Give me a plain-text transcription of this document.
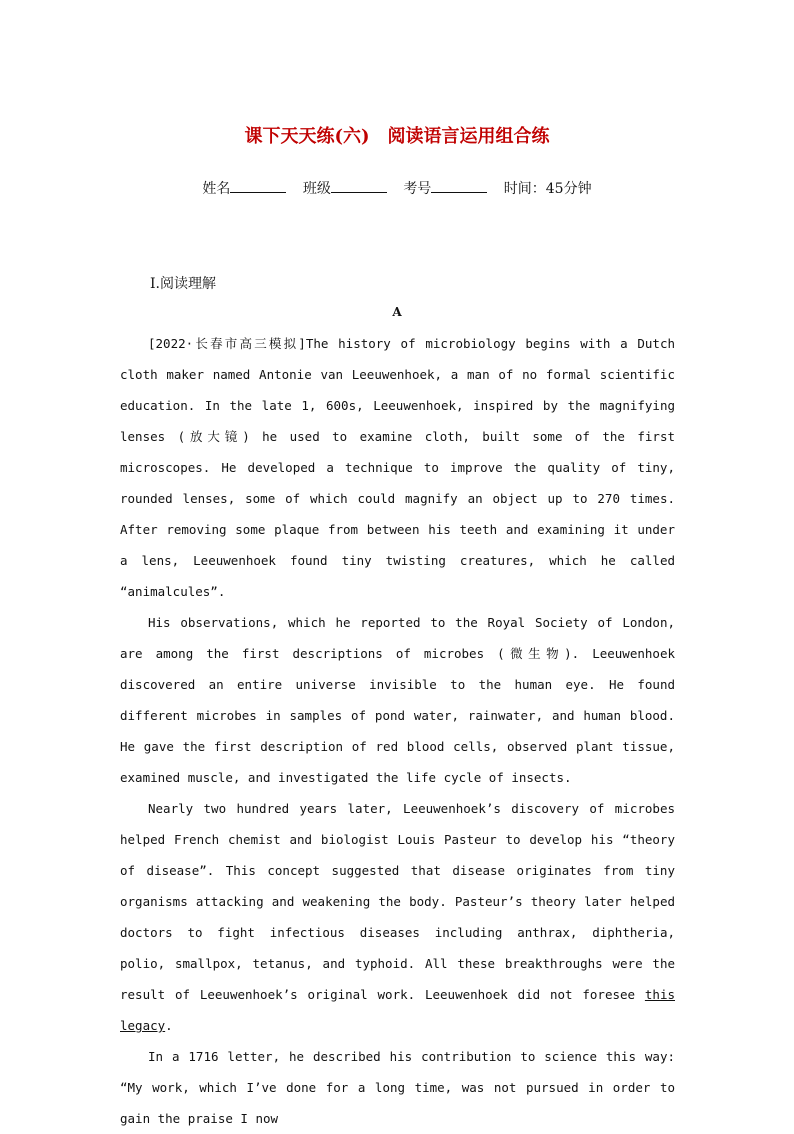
课下天天练(六)　阅读语言运用组合练
姓名	班级	考号	时间：45分钟
Ⅰ.阅读理解
A

[2022·长春市高三模拟]The history of microbiology begins with a Dutch cloth maker named Antonie van Leeuwenhoek, a man of no formal scientific education. In the late 1, 600s, Leeuwenhoek, inspired by the magnifying lenses (放大镜) he used to examine cloth, built some of the first microscopes. He developed a technique to improve the quality of tiny, rounded lenses, some of which could magnify an object up to 270 times. After removing some plaque from between his teeth and examining it under a lens, Leeuwenhoek found tiny twisting creatures, which he called “animalcules”.

His observations, which he reported to the Royal Society of London, are among the first descriptions of microbes (微生物). Leeuwenhoek discovered an entire universe invisible to the human eye. He found different microbes in samples of pond water, rainwater, and human blood. He gave the first description of red blood cells, observed plant tissue, examined muscle, and investigated the life cycle of insects.

Nearly two hundred years later, Leeuwenhoek’s discovery of microbes helped French chemist and biologist Louis Pasteur to develop his “theory of disease”. This concept suggested that disease originates from tiny organisms attacking and weakening the body. Pasteur’s theory later helped doctors to fight infectious diseases including anthrax, diphtheria, polio, smallpox, tetanus, and typhoid. All these breakthroughs were the result of Leeuwenhoek’s original work. Leeuwenhoek did not foresee this legacy.

In a 1716 letter, he described his contribution to science this way: “My work, which I’ve done for a long time, was not pursued in order to gain the praise I now
